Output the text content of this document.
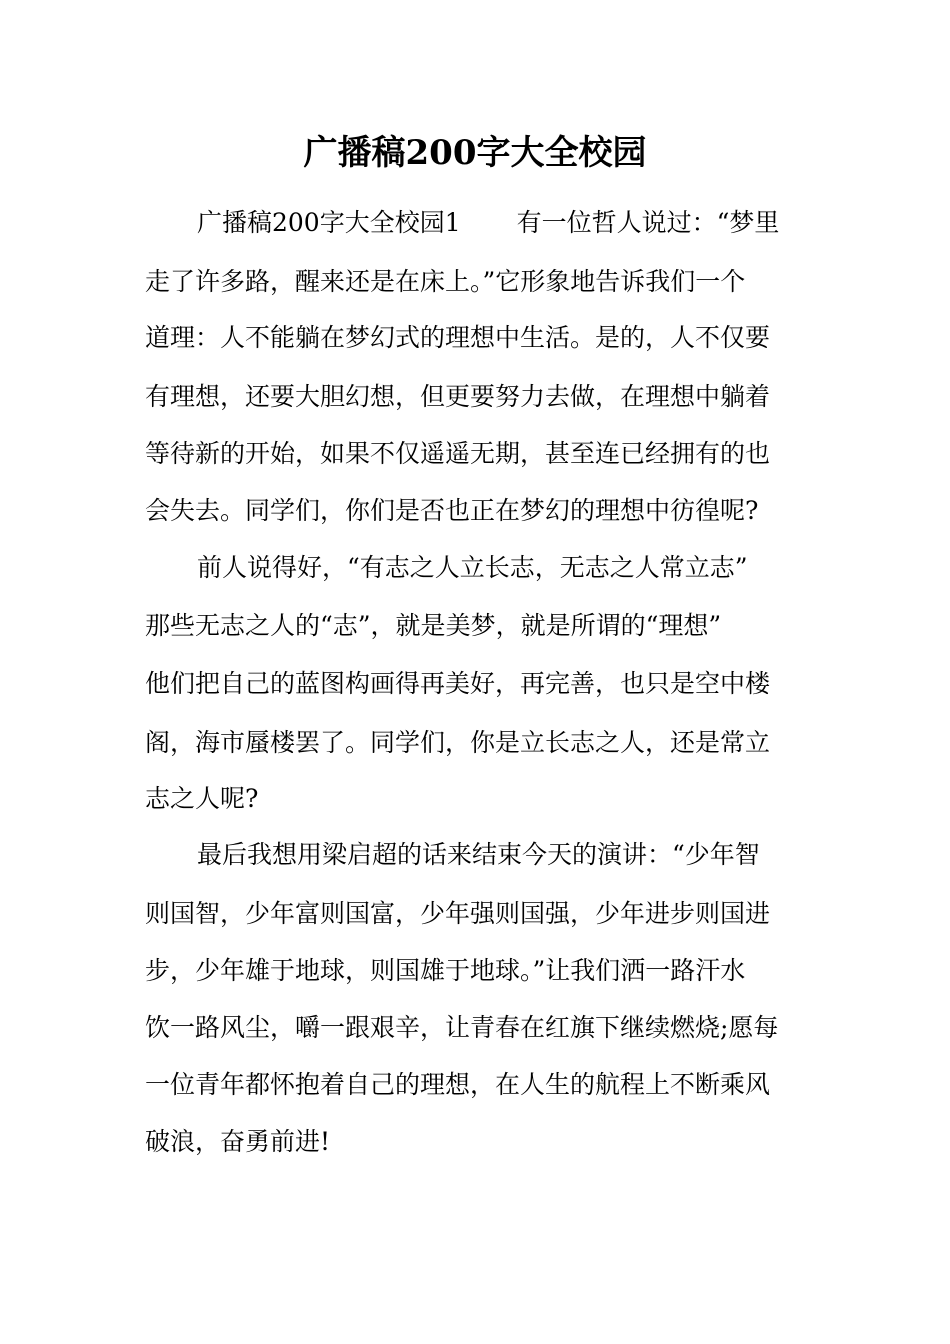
广播稿200字大全校园
广播稿200字大全校园1 有一位哲人说过：“梦里
走了许多路，醒来还是在床上。”它形象地告诉我们一个
道理：人不能躺在梦幻式的理想中生活。是的，人不仅要
有理想，还要大胆幻想，但更要努力去做，在理想中躺着
等待新的开始，如果不仅遥遥无期，甚至连已经拥有的也
会失去。同学们，你们是否也正在梦幻的理想中彷徨呢?
前人说得好，“有志之人立长志，无志之人常立志”
那些无志之人的“志”，就是美梦，就是所谓的“理想”
他们把自己的蓝图构画得再美好，再完善，也只是空中楼
阁，海市蜃楼罢了。同学们，你是立长志之人，还是常立
志之人呢?
最后我想用梁启超的话来结束今天的演讲：“少年智
则国智，少年富则国富，少年强则国强，少年进步则国进
步，少年雄于地球，则国雄于地球。”让我们洒一路汗水
饮一路风尘，嚼一跟艰辛，让青春在红旗下继续燃烧;愿每
一位青年都怀抱着自己的理想，在人生的航程上不断乘风
破浪，奋勇前进!
